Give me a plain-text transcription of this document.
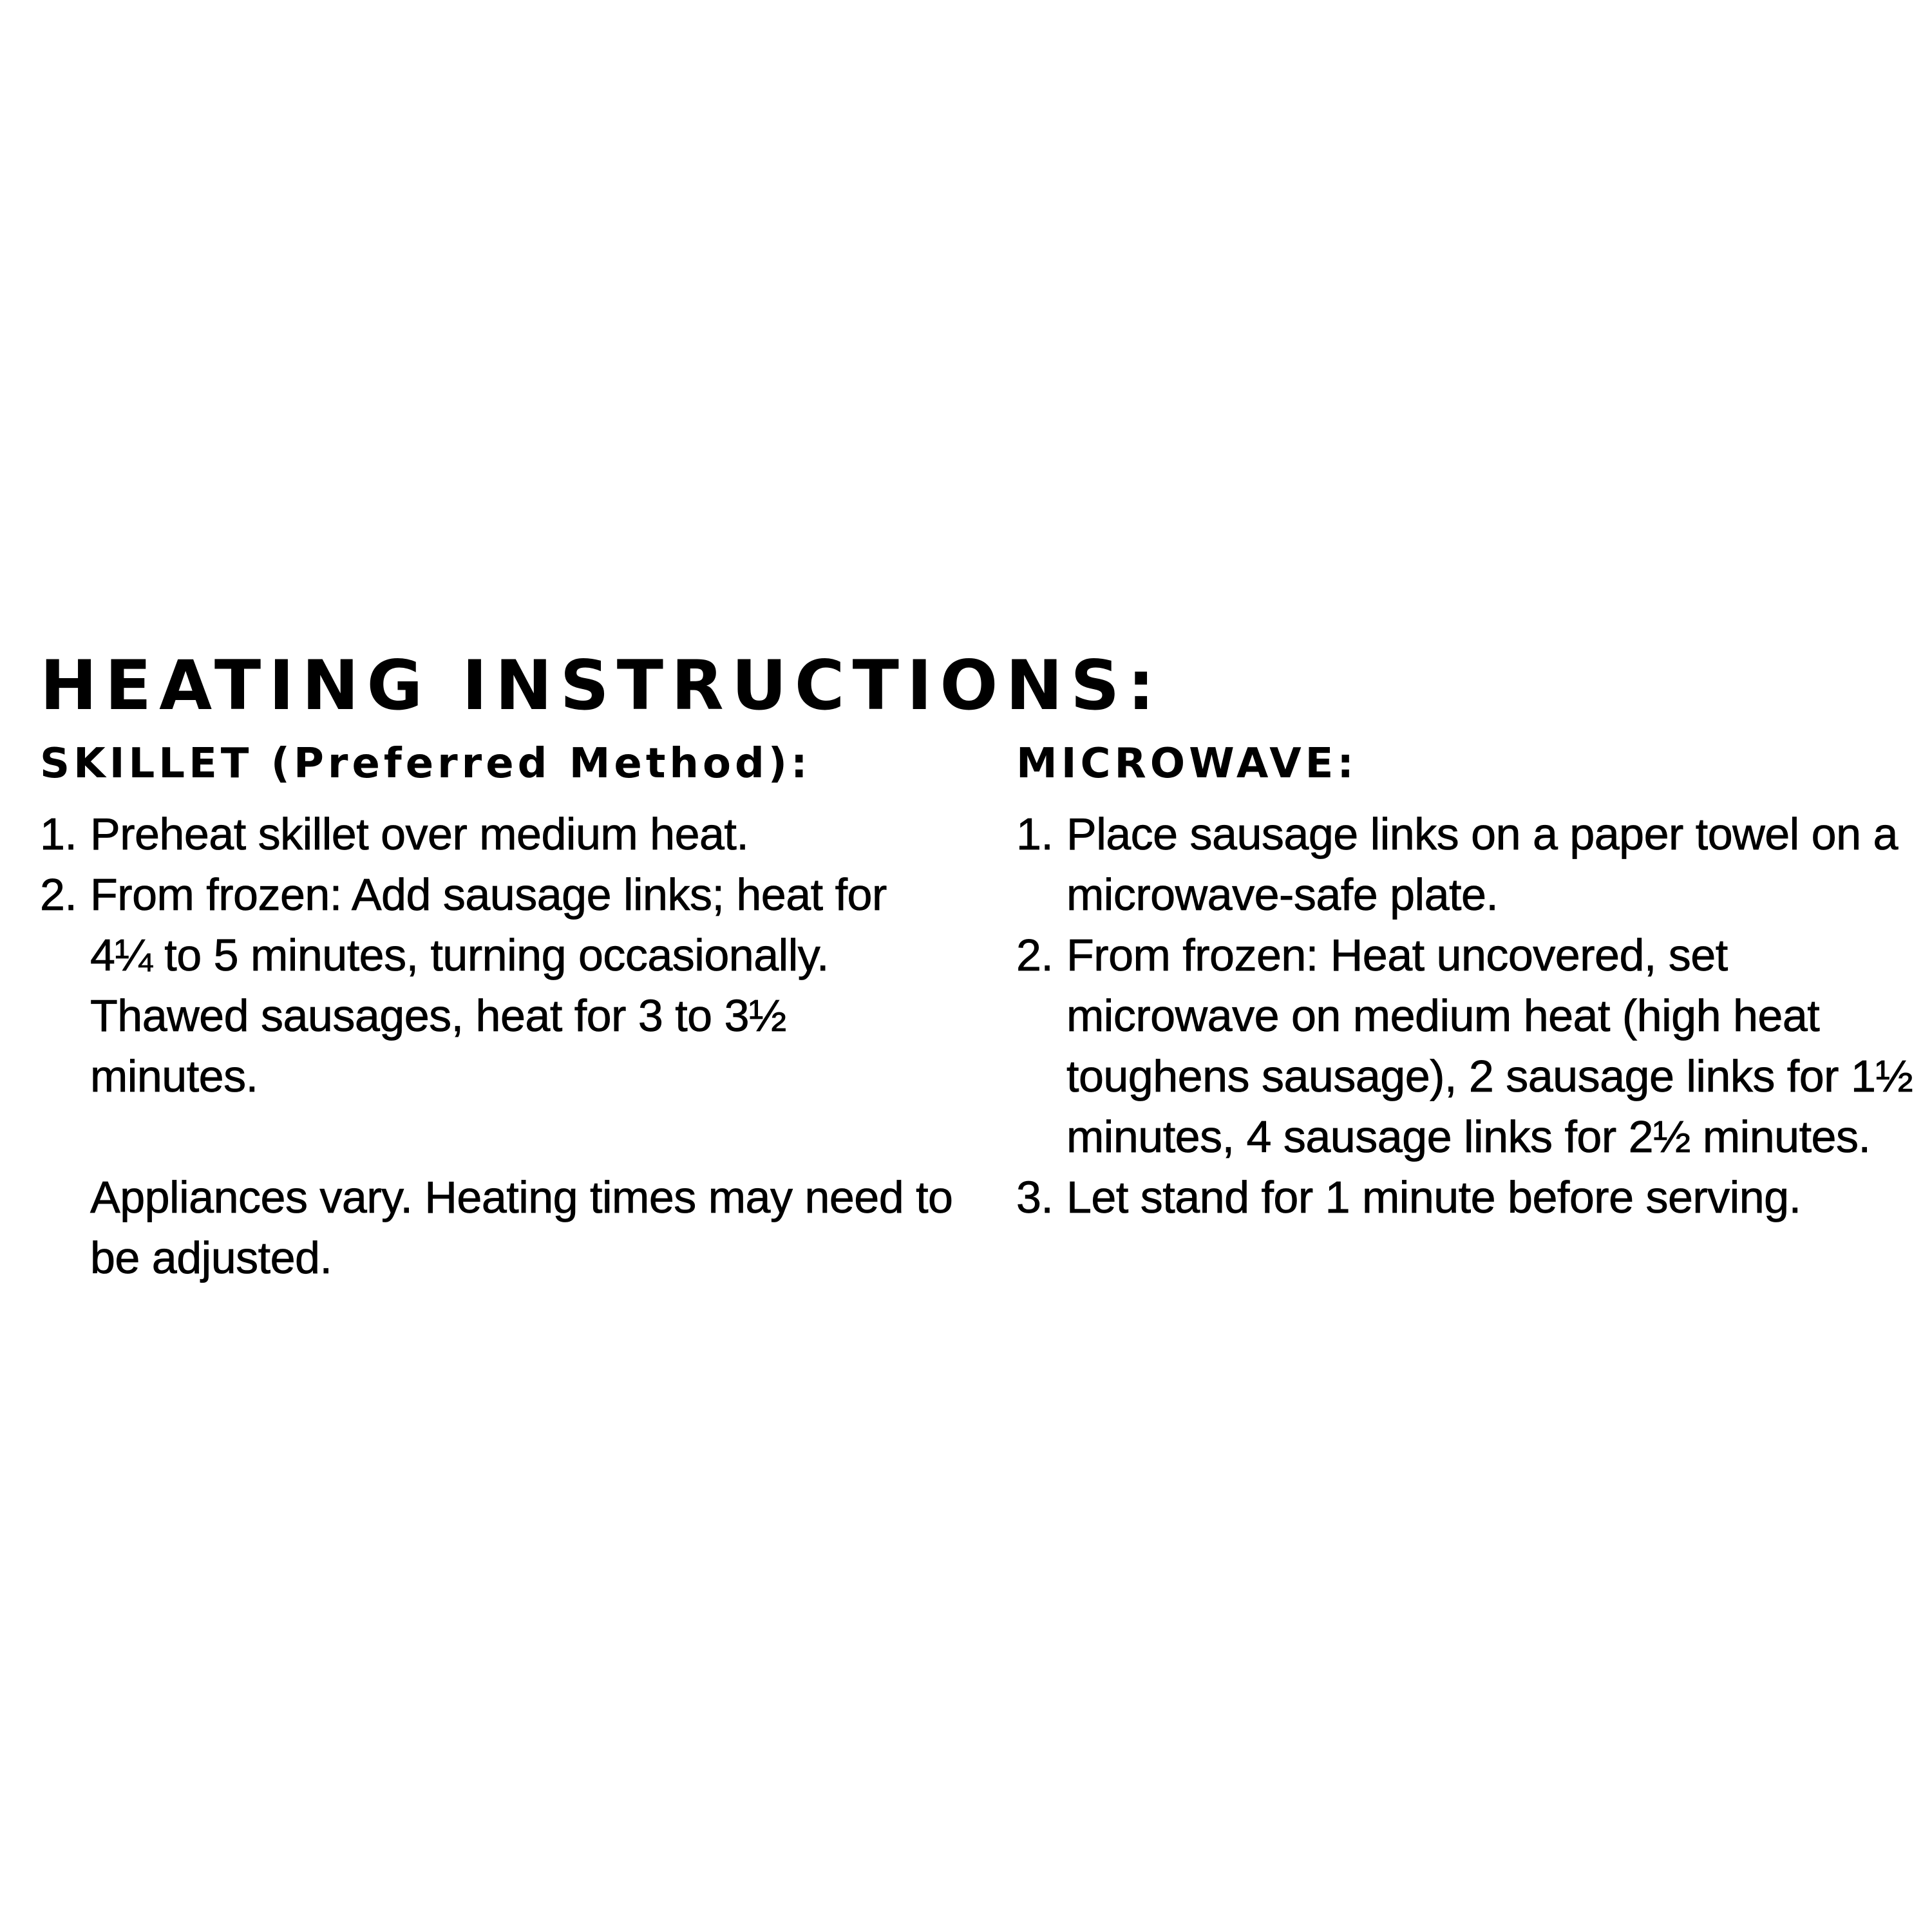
HEATING INSTRUCTIONS:
SKILLET (Preferred Method):
1. Preheat skillet over medium heat.
2. From frozen: Add sausage links; heat for 4¼ to 5 minutes, turning occasionally. Thawed sausages, heat for 3 to 3½ minutes.

Appliances vary. Heating times may need to be adjusted.

MICROWAVE:
1. Place sausage links on a paper towel on a microwave-safe plate.
2. From frozen: Heat uncovered, set microwave on medium heat (high heat toughens sausage), 2 sausage links for 1½ minutes, 4 sausage links for 2½ minutes.
3. Let stand for 1 minute before serving.
